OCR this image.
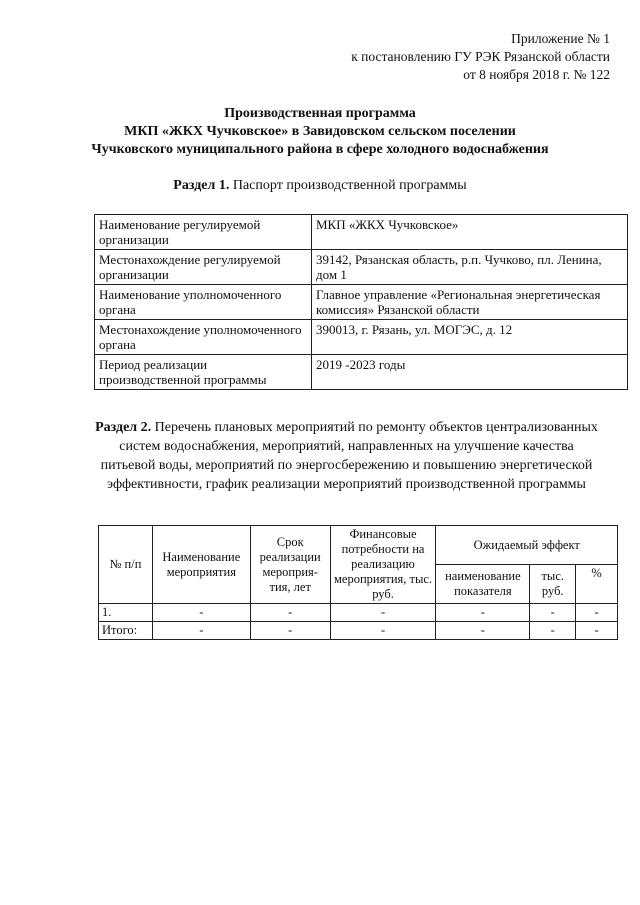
Приложение № 1
к постановлению ГУ РЭК Рязанской области
от 8 ноября 2018 г. № 122
Производственная программа
МКП «ЖКХ Чучковское» в Завидовском сельском поселении
Чучковского муниципального района в сфере холодного водоснабжения
Раздел 1. Паспорт производственной программы
Наименование регулируемой организации	МКП «ЖКХ Чучковское»
Местонахождение регулируемой организации	39142, Рязанская область, р.п. Чучково, пл. Ленина, дом 1
Наименование уполномоченного органа	Главное управление «Региональная энергетическая комиссия» Рязанской области
Местонахождение уполномоченного органа	390013, г. Рязань, ул. МОГЭС, д. 12
Период реализации производственной программы	2019 -2023 годы
Раздел 2. Перечень плановых мероприятий по ремонту объектов централизованных систем водоснабжения, мероприятий, направленных на улучшение качества питьевой воды, мероприятий по энергосбережению и повышению энергетической эффективности, график реализации мероприятий производственной программы
№ п/п	Наименование мероприятия	Срок реализации мероприя-тия, лет	Финансовые потребности на реализацию мероприятия, тыс. руб.	Ожидаемый эффект		
				наименование показателя	тыс. руб.	%
1.	-	-	-	-	-	-
Итого:	-	-	-	-	-	-
